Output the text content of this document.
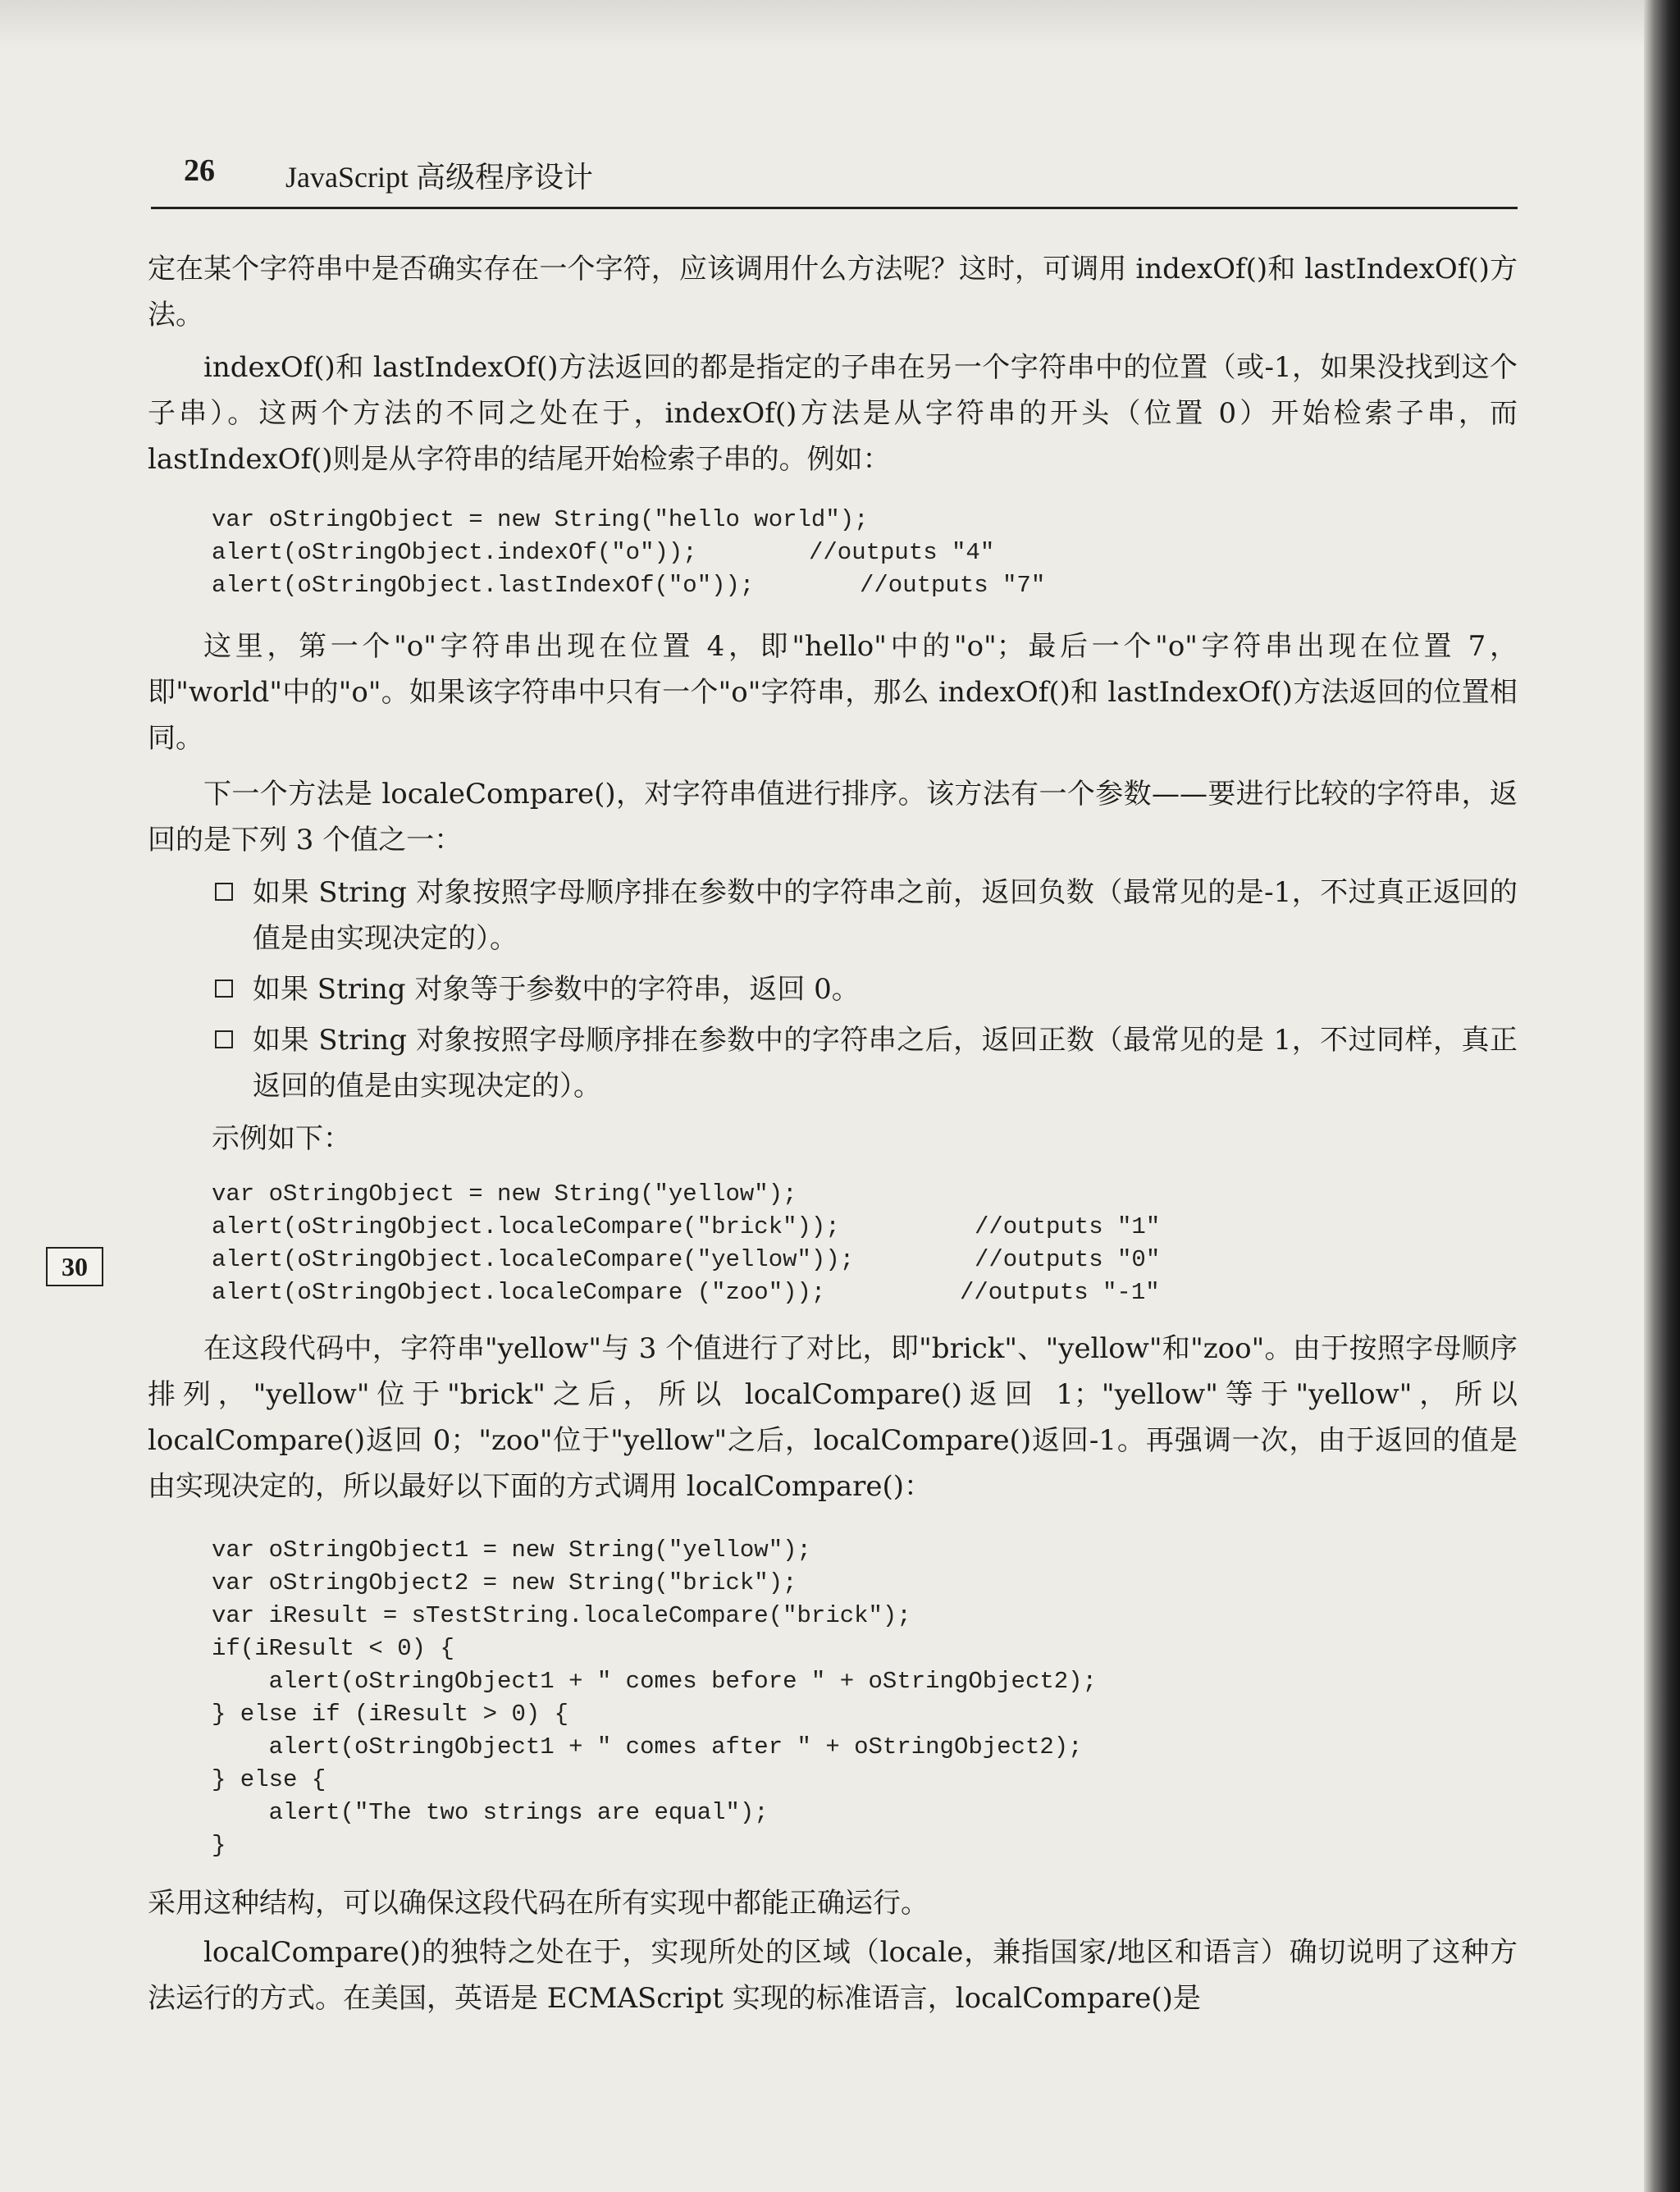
26 JavaScript 高级程序设计

定在某个字符串中是否确实存在一个字符，应该调用什么方法呢？这时，可调用 indexOf()和 lastIndexOf()方法。

indexOf()和 lastIndexOf()方法返回的都是指定的子串在另一个字符串中的位置（或-1，如果没找到这个子串）。这两个方法的不同之处在于，indexOf()方法是从字符串的开头（位置 0）开始检索子串，而 lastIndexOf()则是从字符串的结尾开始检索子串的。例如：

var oStringObject = new String("hello world");
alert(oStringObject.indexOf("o"));	//outputs "4"
alert(oStringObject.lastIndexOf("o"));	//outputs "7"

这里，第一个"o"字符串出现在位置 4，即"hello"中的"o"；最后一个"o"字符串出现在位置 7，即"world"中的"o"。如果该字符串中只有一个"o"字符串，那么 indexOf()和 lastIndexOf()方法返回的位置相同。

下一个方法是 localeCompare()，对字符串值进行排序。该方法有一个参数——要进行比较的字符串，返回的是下列 3 个值之一：

如果 String 对象按照字母顺序排在参数中的字符串之前，返回负数（最常见的是-1，不过真正返回的值是由实现决定的）。
如果 String 对象等于参数中的字符串，返回 0。
如果 String 对象按照字母顺序排在参数中的字符串之后，返回正数（最常见的是 1，不过同样，真正返回的值是由实现决定的）。

示例如下：

var oStringObject = new String("yellow");
alert(oStringObject.localeCompare("brick"));	//outputs "1"
alert(oStringObject.localeCompare("yellow"));	//outputs "0"
alert(oStringObject.localeCompare ("zoo"));	//outputs "-1"
30

在这段代码中，字符串"yellow"与 3 个值进行了对比，即"brick"、"yellow"和"zoo"。由于按照字母顺序排列，"yellow"位于"brick"之后，所以 localCompare()返回 1；"yellow"等于"yellow"，所以 localCompare()返回 0；"zoo"位于"yellow"之后，localCompare()返回-1。再强调一次，由于返回的值是由实现决定的，所以最好以下面的方式调用 localCompare()：

var oStringObject1 = new String("yellow");
var oStringObject2 = new String("brick");
var iResult = sTestString.localeCompare("brick");
if(iResult < 0) {
alert(oStringObject1 + " comes before " + oStringObject2);
} else if (iResult > 0) {
alert(oStringObject1 + " comes after " + oStringObject2);
} else {
alert("The two strings are equal");
}

采用这种结构，可以确保这段代码在所有实现中都能正确运行。

localCompare()的独特之处在于，实现所处的区域（locale，兼指国家/地区和语言）确切说明了这种方法运行的方式。在美国，英语是 ECMAScript 实现的标准语言，localCompare()是
